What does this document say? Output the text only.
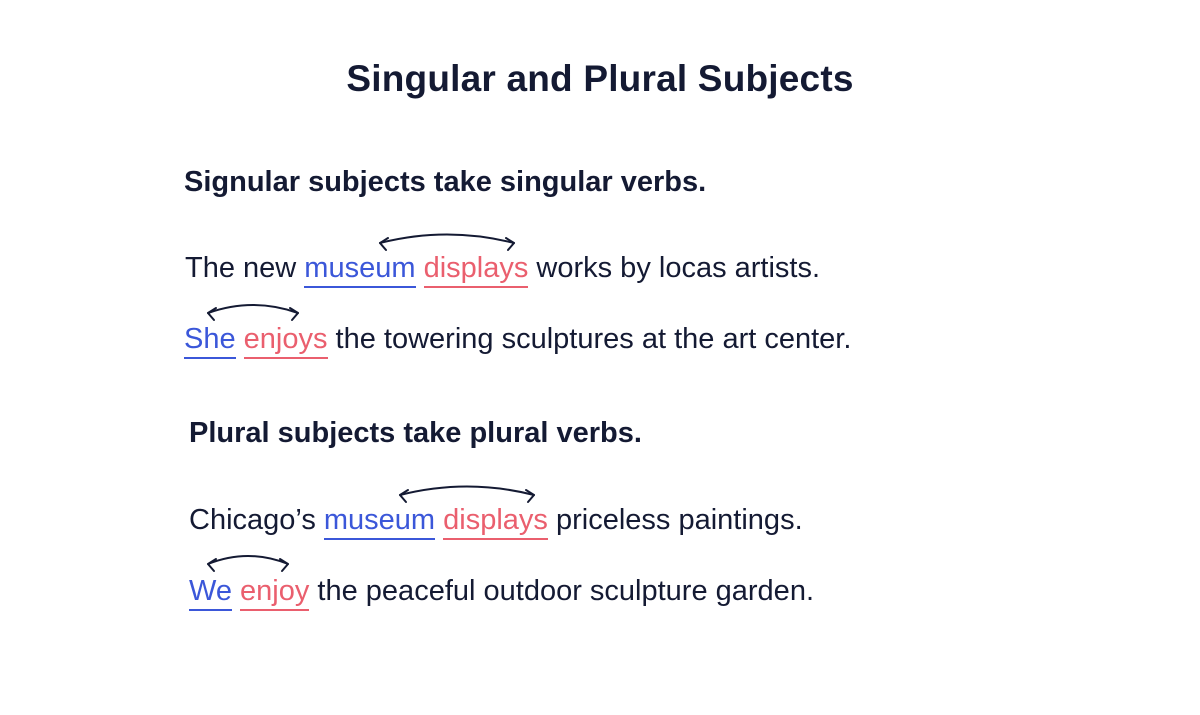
Singular and Plural Subjects
Signular subjects take singular verbs.
The new museum displays works by locas artists.
She enjoys the towering sculptures at the art center.
Plural subjects take plural verbs.
Chicago’s museum displays priceless paintings.
We enjoy the peaceful outdoor sculpture garden.
